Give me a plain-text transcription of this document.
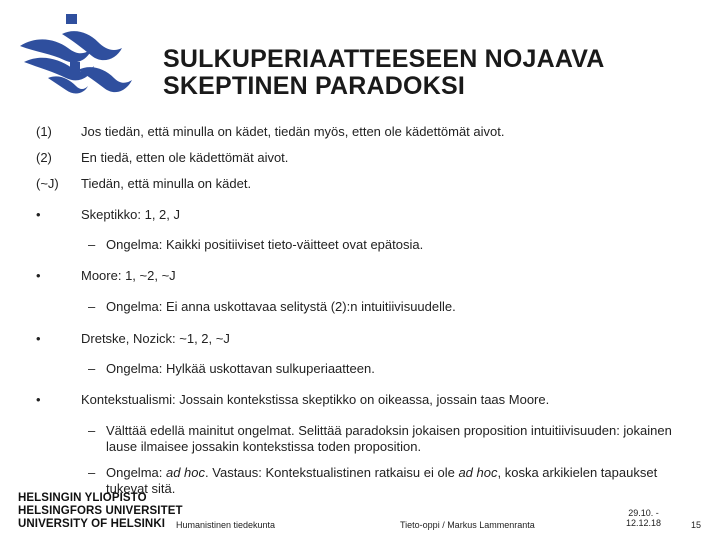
SULKUPERIAATTEESEEN NOJAAVA
SKEPTINEN PARADOKSI
(1) Jos tiedän, että minulla on kädet, tiedän myös, etten ole kädettömät aivot.
(2) En tiedä, etten ole kädettömät aivot.
(~J) Tiedän, että minulla on kädet.
•	Skeptikko: 1, 2, J
– Ongelma: Kaikki positiiviset tieto-väitteet ovat epätosia.
•	Moore: 1, ~2, ~J
– Ongelma: Ei anna uskottavaa selitystä (2):n intuitiivisuudelle.
•	Dretske, Nozick: ~1, 2, ~J
– Ongelma: Hylkää uskottavan sulkuperiaatteen.
•	Kontekstualismi: Jossain kontekstissa skeptikko on oikeassa, jossain taas Moore.
– Välttää edellä mainitut ongelmat. Selittää paradoksin jokaisen proposition intuitiivisuuden: jokainen lause ilmaisee jossakin kontekstissa toden proposition.
– Ongelma: ad hoc. Vastaus: Kontekstualistinen ratkaisu ei ole ad hoc, koska arkikielen tapaukset tukevat sitä.
HELSINGIN YLIOPISTO
HELSINGFORS UNIVERSITET
UNIVERSITY OF HELSINKI	Humanistinen tiedekunta	Tieto-oppi / Markus Lammenranta
29.10. -
12.12.18	15
